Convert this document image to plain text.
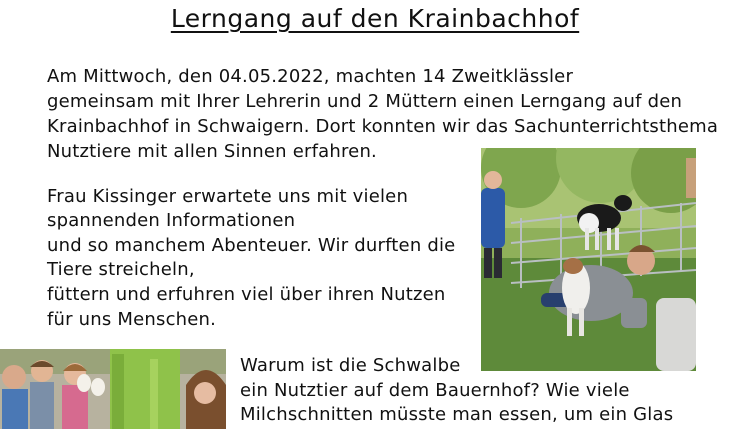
Lerngang auf den Krainbachhof
Am Mittwoch, den 04.05.2022, machten 14 Zweitklässler
gemeinsam mit Ihrer Lehrerin und 2 Müttern einen Lerngang auf den
Krainbachhof in Schwaigern. Dort konnten wir das Sachunterrichtsthema
Nutztiere mit allen Sinnen erfahren.
Frau Kissinger erwartete uns mit vielen
spannenden Informationen
und so manchem Abenteuer. Wir durften die
Tiere streicheln,
füttern und erfuhren viel über ihren Nutzen
für uns Menschen.
Warum ist die Schwalbe
ein Nutztier auf dem Bauernhof? Wie viele
Milchschnitten müsste man essen, um ein Glas
